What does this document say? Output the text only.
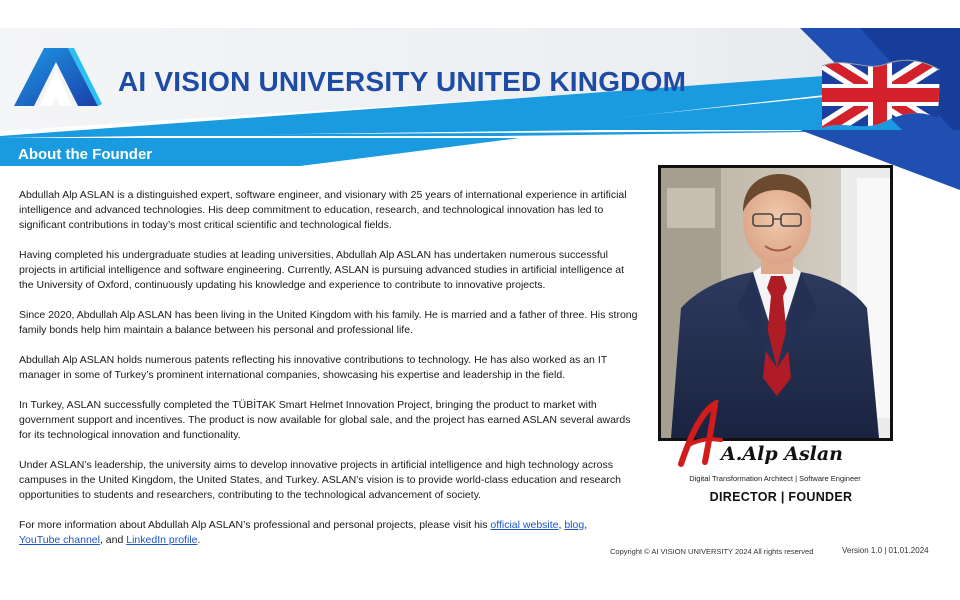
AI VISION UNIVERSITY UNITED KINGDOM
About the Founder

Abdullah Alp ASLAN is a distinguished expert, software engineer, and visionary with 25 years of international experience in artificial intelligence and advanced technologies. His deep commitment to education, research, and technological innovation has led to significant contributions in today’s most critical scientific and technological fields.

Having completed his undergraduate studies at leading universities, Abdullah Alp ASLAN has undertaken numerous successful projects in artificial intelligence and software engineering. Currently, ASLAN is pursuing advanced studies in artificial intelligence at the University of Oxford, continuously updating his knowledge and experience to contribute to innovative projects.

Since 2020, Abdullah Alp ASLAN has been living in the United Kingdom with his family. He is married and a father of three. His strong family bonds help him maintain a balance between his personal and professional life.

Abdullah Alp ASLAN holds numerous patents reflecting his innovative contributions to technology. He has also worked as an IT manager in some of Turkey’s prominent international companies, showcasing his expertise and leadership in the field.

In Turkey, ASLAN successfully completed the TÜBİTAK Smart Helmet Innovation Project, bringing the product to market with government support and incentives. The product is now available for global sale, and the project has earned ASLAN several awards for its technological innovation and functionality.

Under ASLAN’s leadership, the university aims to develop innovative projects in artificial intelligence and high technology across campuses in the United Kingdom, the United States, and Turkey. ASLAN’s vision is to provide world-class education and research opportunities to students and researchers, contributing to the technological advancement of society.

For more information about Abdullah Alp ASLAN’s professional and personal projects, please visit his official website, blog,
YouTube channel, and LinkedIn profile.

A.Alp Aslan
Digital Transformation Architect | Software Engineer
DIRECTOR | FOUNDER
Copyright © AI VISION UNIVERSITY 2024 All rights reserved	Version 1.0 | 01.01.2024
